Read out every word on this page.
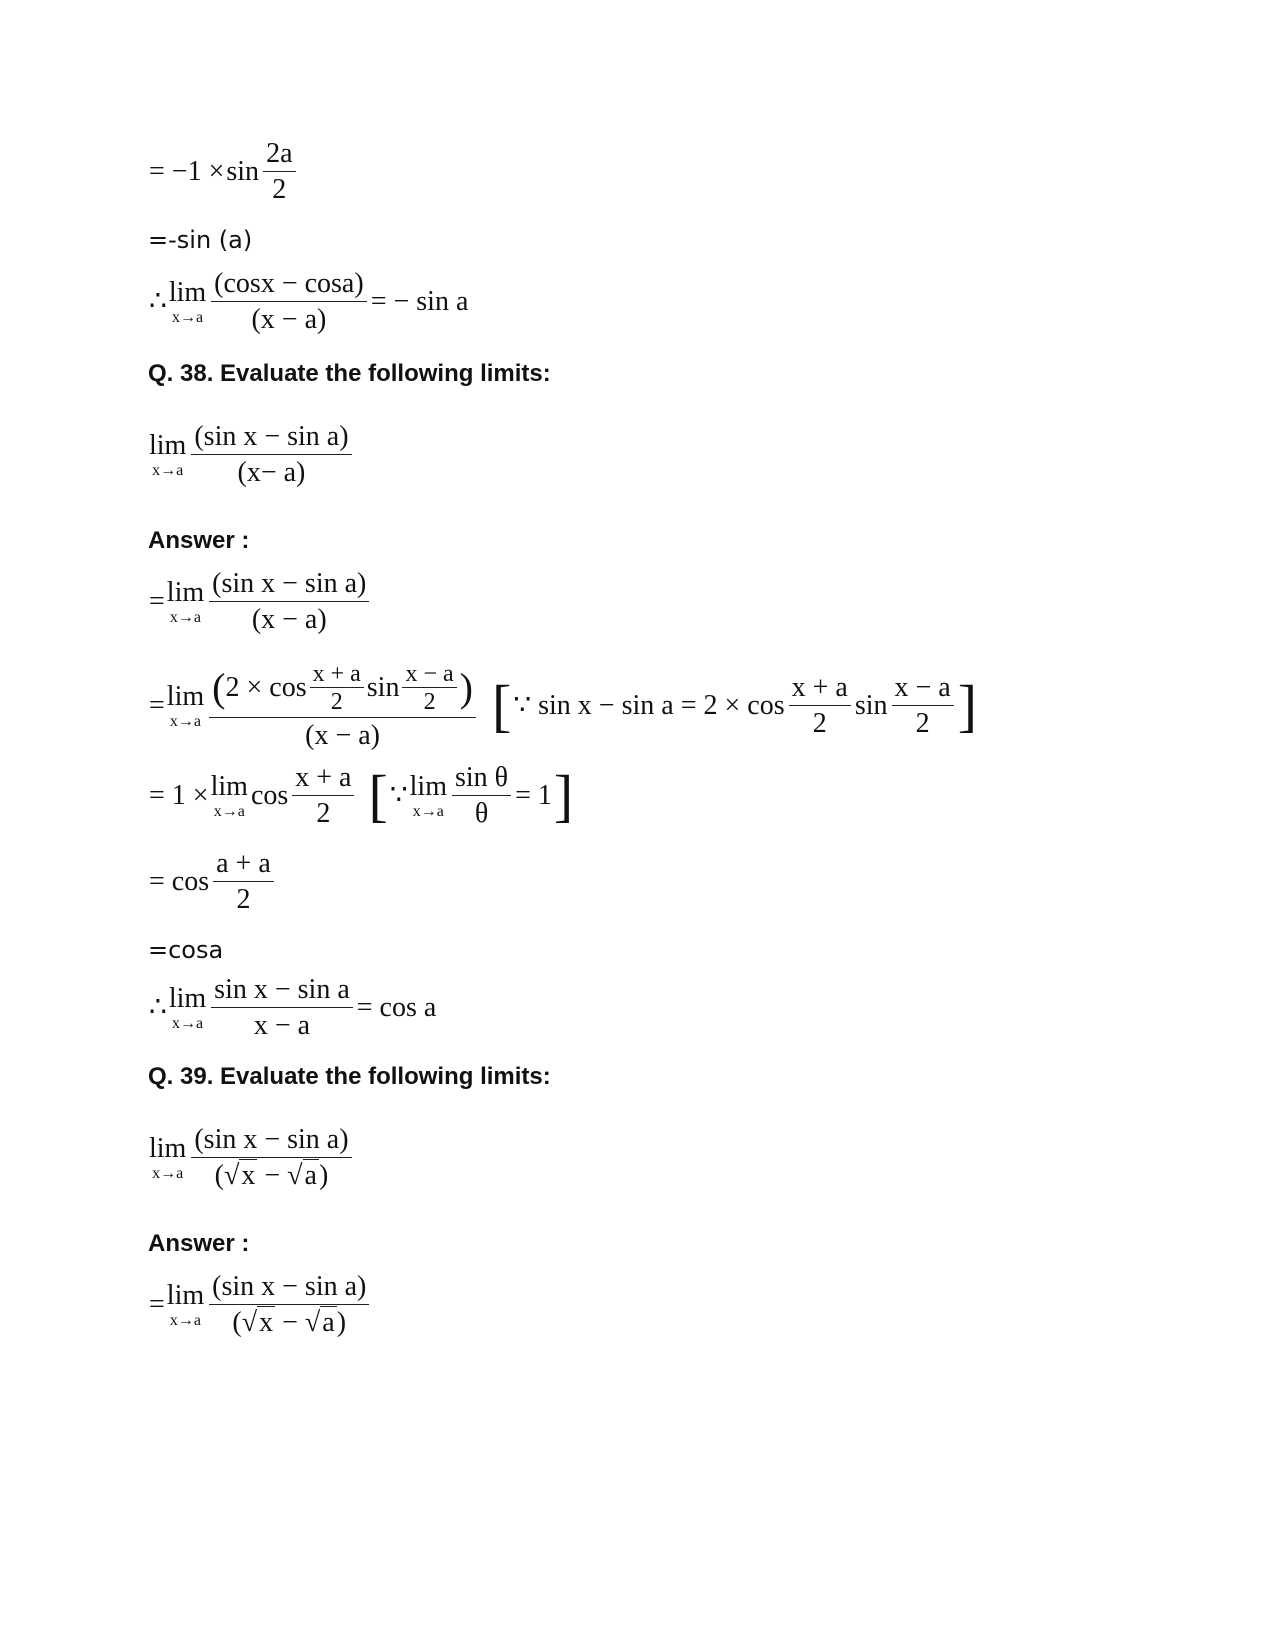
= $-1 \times \sin \frac{2a}{2}$
=-sin (a)
∴ lim
$x\to a \frac{(\cos x - \cos a)}{(x - a)}$ = − sin a
Q. 38. Evaluate the following limits:
lim
$x\to a \frac{\text{(sin x − sin a)}}{(x- a)}$
Answer :
= lim
$x\to a \frac{\text{(sin x − sin a)}}{(x - a)}$
= lim
x→a
( $2 \times \cos \frac{x + a}{2}$ $\sin \frac{x - a}{2}$ )
(x − a)	[ ∵ $\sin x - \sin a = 2 \times \cos \frac{x + a}{2}$ $\sin \frac{x - a}{2}$ ]
= 1 × lim
x→a $\cos \frac{x + a}{2}$ [ ∵ lim
$x\to a \frac{\text{sin θ}}{\theta} = 1$ ]
= $\cos \frac{a + a}{2}$
=cosa
∴ lim
$x\to a \frac{\text{sin x − sin a}}{x - a} = \cos a$
Q. 39. Evaluate the following limits:
lim
$x\to a \frac{\text{(sin x − sin a)}}{(√x - √a)}$
Answer :
= lim
$x\to a \frac{\text{(sin x − sin a)}}{(√x - √a)}$
